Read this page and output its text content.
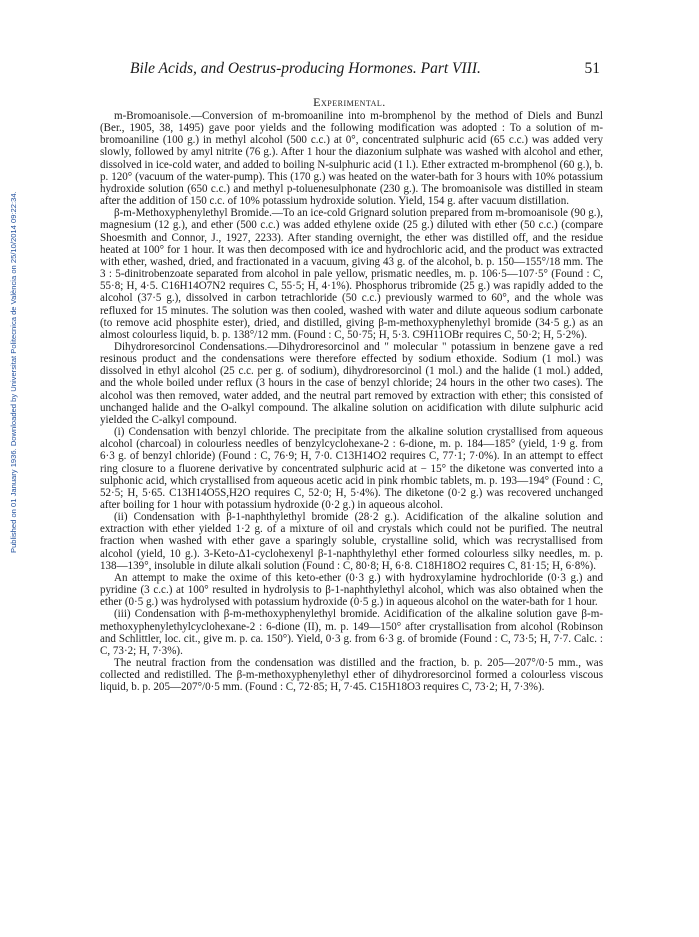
Published on 01 January 1936. Downloaded by Universitat Politecnica de València on 25/10/2014 09:22:34.
Bile Acids, and Oestrus-producing Hormones. Part VIII.	51
Experimental.

m-Bromoanisole.—Conversion of m-bromoaniline into m-bromphenol by the method of Diels and Bunzl (Ber., 1905, 38, 1495) gave poor yields and the following modification was adopted : To a solution of m-bromoaniline (100 g.) in methyl alcohol (500 c.c.) at 0°, concentrated sulphuric acid (65 c.c.) was added very slowly, followed by amyl nitrite (76 g.). After 1 hour the diazonium sulphate was washed with alcohol and ether, dissolved in ice-cold water, and added to boiling N-sulphuric acid (1 l.). Ether extracted m-bromphenol (60 g.), b. p. 120° (vacuum of the water-pump). This (170 g.) was heated on the water-bath for 3 hours with 10% potassium hydroxide solution (650 c.c.) and methyl p-toluenesulphonate (230 g.). The bromoanisole was distilled in steam after the addition of 150 c.c. of 10% potassium hydroxide solution. Yield, 154 g. after vacuum distillation.

β-m-Methoxyphenylethyl Bromide.—To an ice-cold Grignard solution prepared from m-bromoanisole (90 g.), magnesium (12 g.), and ether (500 c.c.) was added ethylene oxide (25 g.) diluted with ether (50 c.c.) (compare Shoesmith and Connor, J., 1927, 2233). After standing overnight, the ether was distilled off, and the residue heated at 100° for 1 hour. It was then decomposed with ice and hydrochloric acid, and the product was extracted with ether, washed, dried, and fractionated in a vacuum, giving 43 g. of the alcohol, b. p. 150—155°/18 mm. The 3 : 5-dinitrobenzoate separated from alcohol in pale yellow, prismatic needles, m. p. 106·5—107·5° (Found : C, 55·8; H, 4·5. C16H14O7N2 requires C, 55·5; H, 4·1%). Phosphorus tribromide (25 g.) was rapidly added to the alcohol (37·5 g.), dissolved in carbon tetrachloride (50 c.c.) previously warmed to 60°, and the whole was refluxed for 15 minutes. The solution was then cooled, washed with water and dilute aqueous sodium carbonate (to remove acid phosphite ester), dried, and distilled, giving β-m-methoxyphenylethyl bromide (34·5 g.) as an almost colourless liquid, b. p. 138°/12 mm. (Found : C, 50·75; H, 5·3. C9H11OBr requires C, 50·2; H, 5·2%).

Dihydroresorcinol Condensations.—Dihydroresorcinol and " molecular " potassium in benzene gave a red resinous product and the condensations were therefore effected by sodium ethoxide. Sodium (1 mol.) was dissolved in ethyl alcohol (25 c.c. per g. of sodium), dihydroresorcinol (1 mol.) and the halide (1 mol.) added, and the whole boiled under reflux (3 hours in the case of benzyl chloride; 24 hours in the other two cases). The alcohol was then removed, water added, and the neutral part removed by extraction with ether; this consisted of unchanged halide and the O-alkyl compound. The alkaline solution on acidification with dilute sulphuric acid yielded the C-alkyl compound.

(i) Condensation with benzyl chloride. The precipitate from the alkaline solution crystallised from aqueous alcohol (charcoal) in colourless needles of benzylcyclohexane-2 : 6-dione, m. p. 184—185° (yield, 1·9 g. from 6·3 g. of benzyl chloride) (Found : C, 76·9; H, 7·0. C13H14O2 requires C, 77·1; 7·0%). In an attempt to effect ring closure to a fluorene derivative by concentrated sulphuric acid at − 15° the diketone was converted into a sulphonic acid, which crystallised from aqueous acetic acid in pink rhombic tablets, m. p. 193—194° (Found : C, 52·5; H, 5·65. C13H14O5S,H2O requires C, 52·0; H, 5·4%). The diketone (0·2 g.) was recovered unchanged after boiling for 1 hour with potassium hydroxide (0·2 g.) in aqueous alcohol.

(ii) Condensation with β-1-naphthylethyl bromide (28·2 g.). Acidification of the alkaline solution and extraction with ether yielded 1·2 g. of a mixture of oil and crystals which could not be purified. The neutral fraction when washed with ether gave a sparingly soluble, crystalline solid, which was recrystallised from alcohol (yield, 10 g.). 3-Keto-Δ1-cyclohexenyl β-1-naphthylethyl ether formed colourless silky needles, m. p. 138—139°, insoluble in dilute alkali solution (Found : C, 80·8; H, 6·8. C18H18O2 requires C, 81·15; H, 6·8%).

An attempt to make the oxime of this keto-ether (0·3 g.) with hydroxylamine hydrochloride (0·3 g.) and pyridine (3 c.c.) at 100° resulted in hydrolysis to β-1-naphthylethyl alcohol, which was also obtained when the ether (0·5 g.) was hydrolysed with potassium hydroxide (0·5 g.) in aqueous alcohol on the water-bath for 1 hour.

(iii) Condensation with β-m-methoxyphenylethyl bromide. Acidification of the alkaline solution gave β-m-methoxyphenylethylcyclohexane-2 : 6-dione (II), m. p. 149—150° after crystallisation from alcohol (Robinson and Schlittler, loc. cit., give m. p. ca. 150°). Yield, 0·3 g. from 6·3 g. of bromide (Found : C, 73·5; H, 7·7. Calc. : C, 73·2; H, 7·3%).

The neutral fraction from the condensation was distilled and the fraction, b. p. 205—207°/0·5 mm., was collected and redistilled. The β-m-methoxyphenylethyl ether of dihydroresorcinol formed a colourless viscous liquid, b. p. 205—207°/0·5 mm. (Found : C, 72·85; H, 7·45. C15H18O3 requires C, 73·2; H, 7·3%).
